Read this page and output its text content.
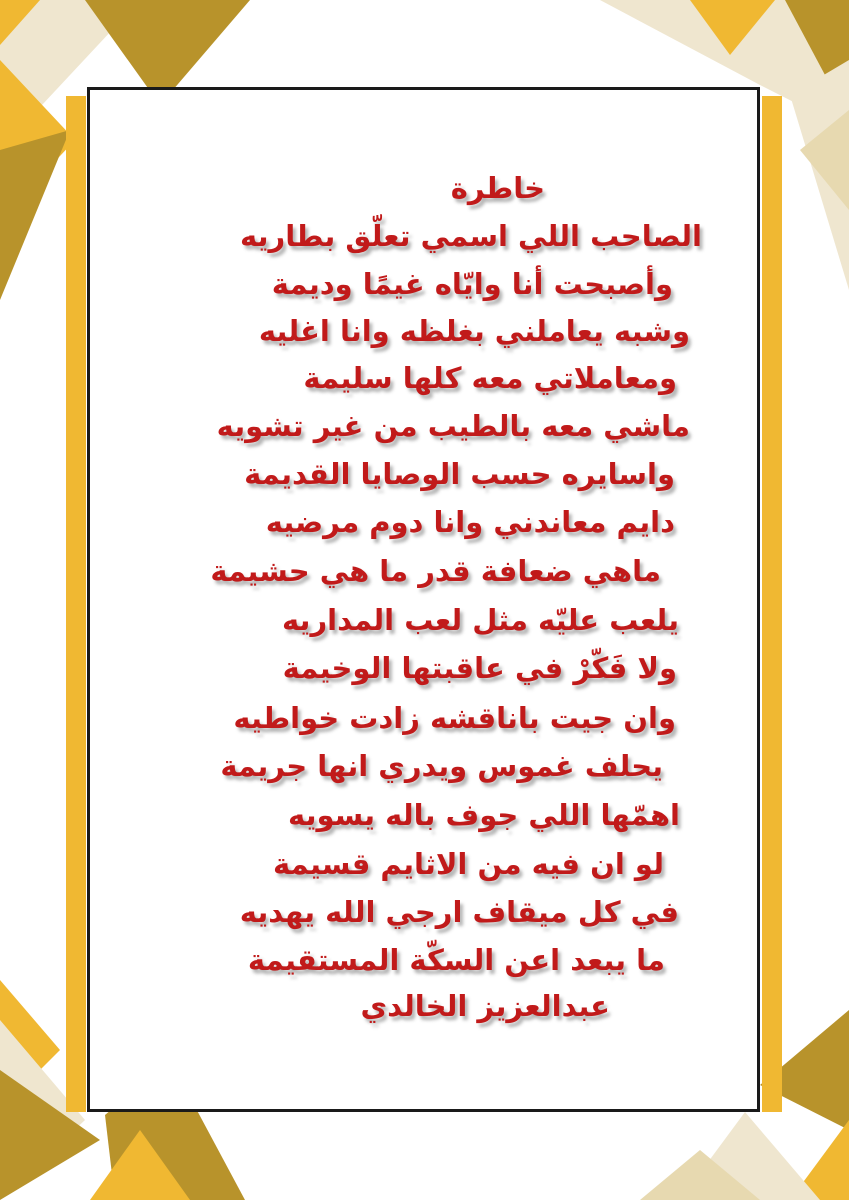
خاطرة
الصاحب اللي اسمي تعلّق بطاريه
وأصبحت أنا وايّاه غيمًا وديمة
وشبه يعاملني بغلظه وانا اغليه
ومعاملاتي معه كلها سليمة
ماشي معه بالطيب من غير تشويه
واسايره حسب الوصايا القديمة
دايم معاندني وانا دوم مرضيه
ماهي ضعافة قدر ما هي حشيمة
يلعب عليّه مثل لعب المداريه
ولا فَكّرْ في عاقبتها الوخيمة
وان جيت باناقشه زادت خواطيه
يحلف غموس ويدري انها جريمة
اهمّها اللي جوف باله يسويه
لو ان فيه من الاثايم قسيمة
في كل ميقاف ارجي الله يهديه
ما يبعد اعن السكّة المستقيمة
عبدالعزيز الخالدي
